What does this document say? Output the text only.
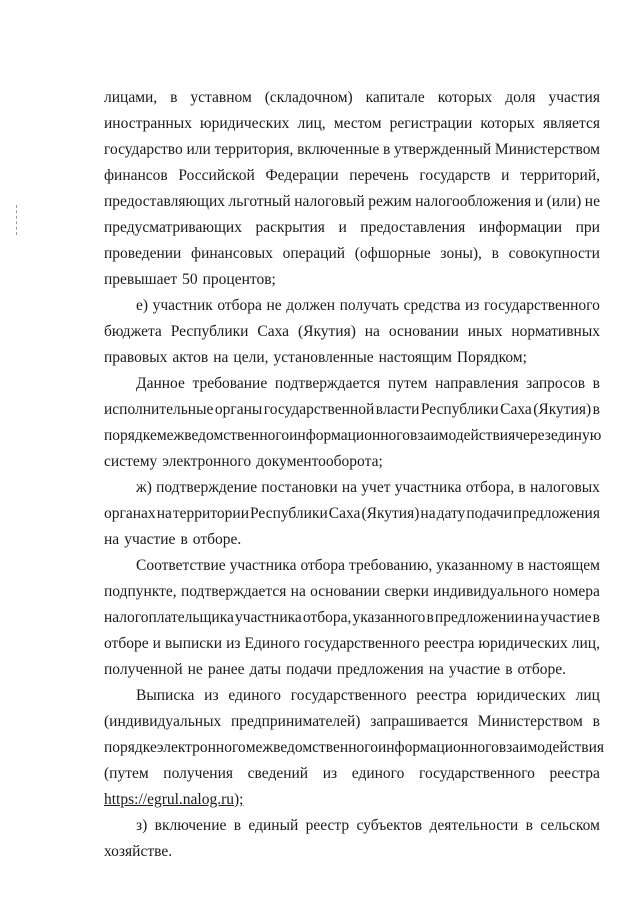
лицами, в уставном (складочном) капитале которых доля участия
иностранных юридических лиц, местом регистрации которых является
государство или территория, включенные в утвержденный Министерством
финансов Российской Федерации перечень государств и территорий,
предоставляющих льготный налоговый режим налогообложения и (или) не
предусматривающих раскрытия и предоставления информации при
проведении финансовых операций (офшорные зоны), в совокупности
превышает 50 процентов;
е) участник отбора не должен получать средства из государственного
бюджета Республики Саха (Якутия) на основании иных нормативных
правовых актов на цели, установленные настоящим Порядком;
Данное требование подтверждается путем направления запросов в
исполнительные органы государственной власти Республики Саха (Якутия) в
порядке межведомственного информационного взаимодействия через единую
систему электронного документооборота;
ж) подтверждение постановки на учет участника отбора, в налоговых
органах на территории Республики Саха (Якутия) на дату подачи предложения
на участие в отборе.
Соответствие участника отбора требованию, указанному в настоящем
подпункте, подтверждается на основании сверки индивидуального номера
налогоплательщика участника отбора, указанного в предложении на участие в
отборе и выписки из Единого государственного реестра юридических лиц,
полученной не ранее даты подачи предложения на участие в отборе.
Выписка из единого государственного реестра юридических лиц
(индивидуальных предпринимателей) запрашивается Министерством в
порядке электронного межведомственного информационного взаимодействия
(путем получения сведений из единого государственного реестра
https://egrul.nalog.ru);
з) включение в единый реестр субъектов деятельности в сельском
хозяйстве.
